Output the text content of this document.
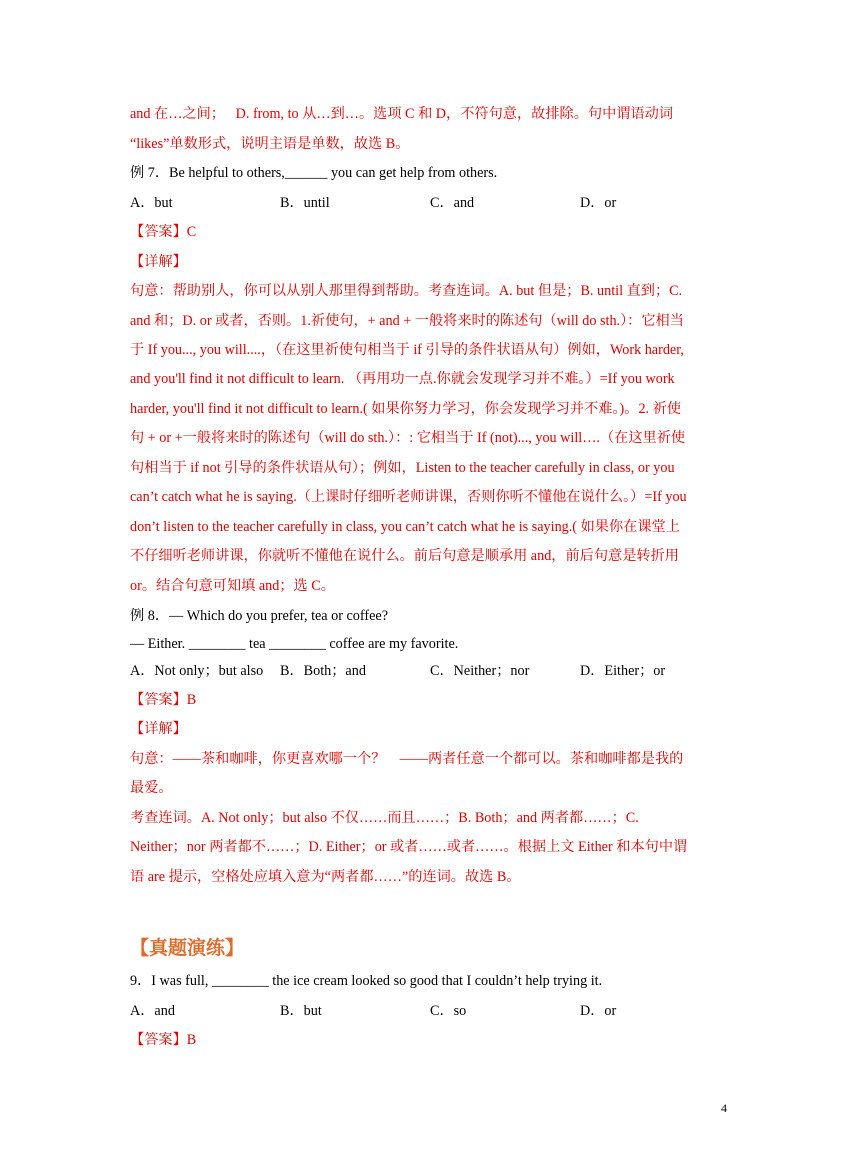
and 在…之间；　 D. from, to 从…到…。选项 C 和 D，不符句意，故排除。句中谓语动词
“likes”单数形式，说明主语是单数，故选 B。
例 7．Be helpful to others,______ you can get help from others.
A．but	B．until	C．and	D．or
【答案】C
【详解】
句意：帮助别人，你可以从别人那里得到帮助。考查连词。A. but 但是；B. until 直到；C.
and 和；D. or 或者，否则。1.祈使句，+ and + 一般将来时的陈述句（will do sth.）：它相当
于 If you..., you will....，（在这里祈使句相当于 if 引导的条件状语从句）例如，Work harder,
and you'll find it not difficult to learn. （再用功一点.你就会发现学习并不难。）=If you work
harder, you'll find it not difficult to learn.( 如果你努力学习，你会发现学习并不难。)。2. 祈使
句 + or +一般将来时的陈述句（will do sth.）：: 它相当于 If (not)..., you will….（在这里祈使
句相当于 if not 引导的条件状语从句）；例如，Listen to the teacher carefully in class, or you
can’t catch what he is saying.（上课时仔细听老师讲课，否则你听不懂他在说什么。）=If you
don’t listen to the teacher carefully in class, you can’t catch what he is saying.( 如果你在课堂上
不仔细听老师讲课，你就听不懂他在说什么。前后句意是顺承用 and，前后句意是转折用
or。结合句意可知填 and；选 C。
例 8．— Which do you prefer, tea or coffee?
— Either. ________ tea ________ coffee are my favorite.
A．Not only；but also B．Both；and	C．Neither；nor	D．Either；or
【答案】B
【详解】
句意：——茶和咖啡，你更喜欢哪一个？　——两者任意一个都可以。茶和咖啡都是我的
最爱。
考查连词。A. Not only；but also 不仅……而且……；B. Both；and 两者都……；C.
Neither；nor 两者都不……；D. Either；or 或者……或者……。根据上文 Either 和本句中谓
语 are 提示，空格处应填入意为“两者都……”的连词。故选 B。
【真题演练】
9．I was full, ________ the ice cream looked so good that I couldn’t help trying it.
A．and	B．but	C．so	D．or
【答案】B
4
